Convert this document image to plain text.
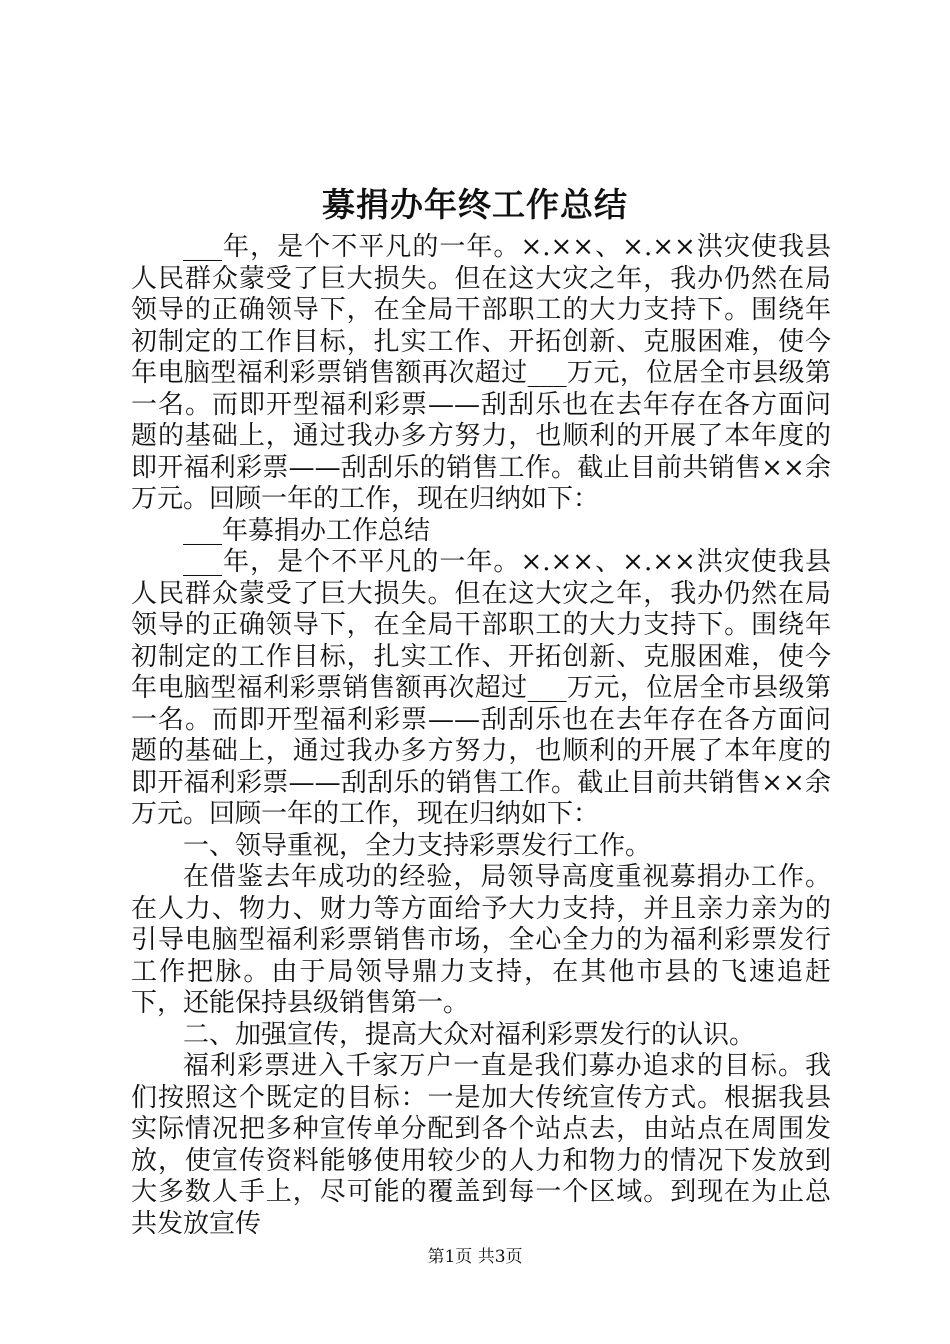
募捐办年终工作总结

___年，是个不平凡的一年。×.××、×.××洪灾使我县人民群众蒙受了巨大损失。但在这大灾之年，我办仍然在局领导的正确领导下，在全局干部职工的大力支持下。围绕年初制定的工作目标，扎实工作、开拓创新、克服困难，使今年电脑型福利彩票销售额再次超过___万元，位居全市县级第一名。而即开型福利彩票——刮刮乐也在去年存在各方面问题的基础上，通过我办多方努力，也顺利的开展了本年度的即开福利彩票——刮刮乐的销售工作。截止目前共销售××余万元。回顾一年的工作，现在归纳如下：

___年募捐办工作总结

___年，是个不平凡的一年。×.××、×.××洪灾使我县人民群众蒙受了巨大损失。但在这大灾之年，我办仍然在局领导的正确领导下，在全局干部职工的大力支持下。围绕年初制定的工作目标，扎实工作、开拓创新、克服困难，使今年电脑型福利彩票销售额再次超过___万元，位居全市县级第一名。而即开型福利彩票——刮刮乐也在去年存在各方面问题的基础上，通过我办多方努力，也顺利的开展了本年度的即开福利彩票——刮刮乐的销售工作。截止目前共销售××余万元。回顾一年的工作，现在归纳如下：

一、领导重视，全力支持彩票发行工作。

在借鉴去年成功的经验，局领导高度重视募捐办工作。在人力、物力、财力等方面给予大力支持，并且亲力亲为的引导电脑型福利彩票销售市场，全心全力的为福利彩票发行工作把脉。由于局领导鼎力支持，在其他市县的飞速追赶下，还能保持县级销售第一。

二、加强宣传，提高大众对福利彩票发行的认识。

福利彩票进入千家万户一直是我们募办追求的目标。我们按照这个既定的目标：一是加大传统宣传方式。根据我县实际情况把多种宣传单分配到各个站点去，由站点在周围发放，使宣传资料能够使用较少的人力和物力的情况下发放到大多数人手上，尽可能的覆盖到每一个区域。到现在为止总共发放宣传

第1页 共3页
